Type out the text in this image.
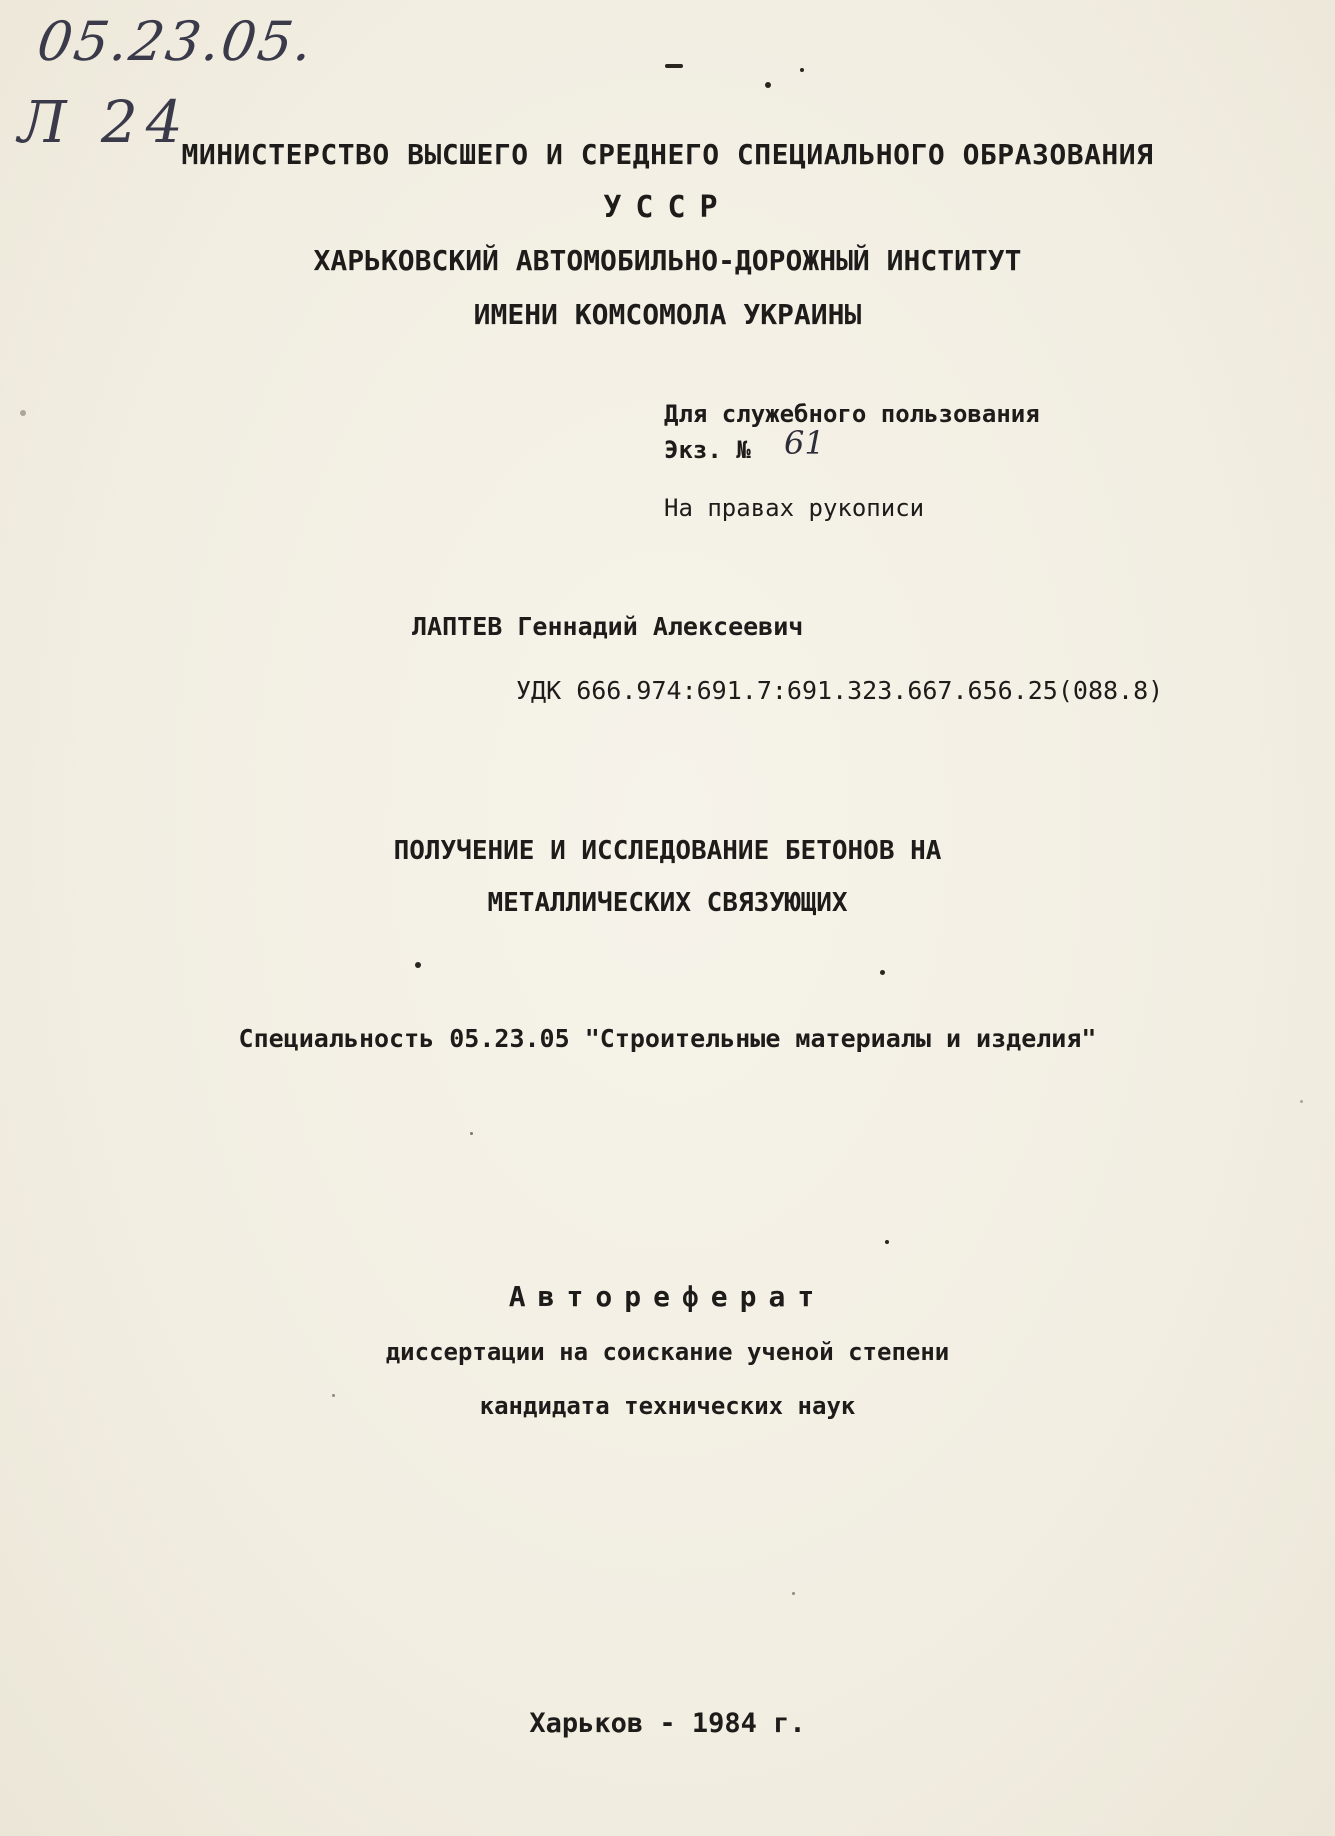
05.23.05.
Л 24
МИНИСТЕРСТВО ВЫСШЕГО И СРЕДНЕГО СПЕЦИАЛЬНОГО ОБРАЗОВАНИЯ
УССР
ХАРЬКОВСКИЙ АВТОМОБИЛЬНО-ДОРОЖНЫЙ ИНСТИТУТ
ИМЕНИ КОМСОМОЛА УКРАИНЫ
Для служебного пользования
Экз. № 61
На правах рукописи
ЛАПТЕВ Геннадий Алексеевич
УДК 666.974:691.7:691.323.667.656.25(088.8)
ПОЛУЧЕНИЕ И ИССЛЕДОВАНИЕ БЕТОНОВ НА
МЕТАЛЛИЧЕСКИХ СВЯЗУЮЩИХ
Специальность 05.23.05 "Строительные материалы и изделия"
Автореферат
диссертации на соискание ученой степени
кандидата технических наук
Харьков - 1984 г.
